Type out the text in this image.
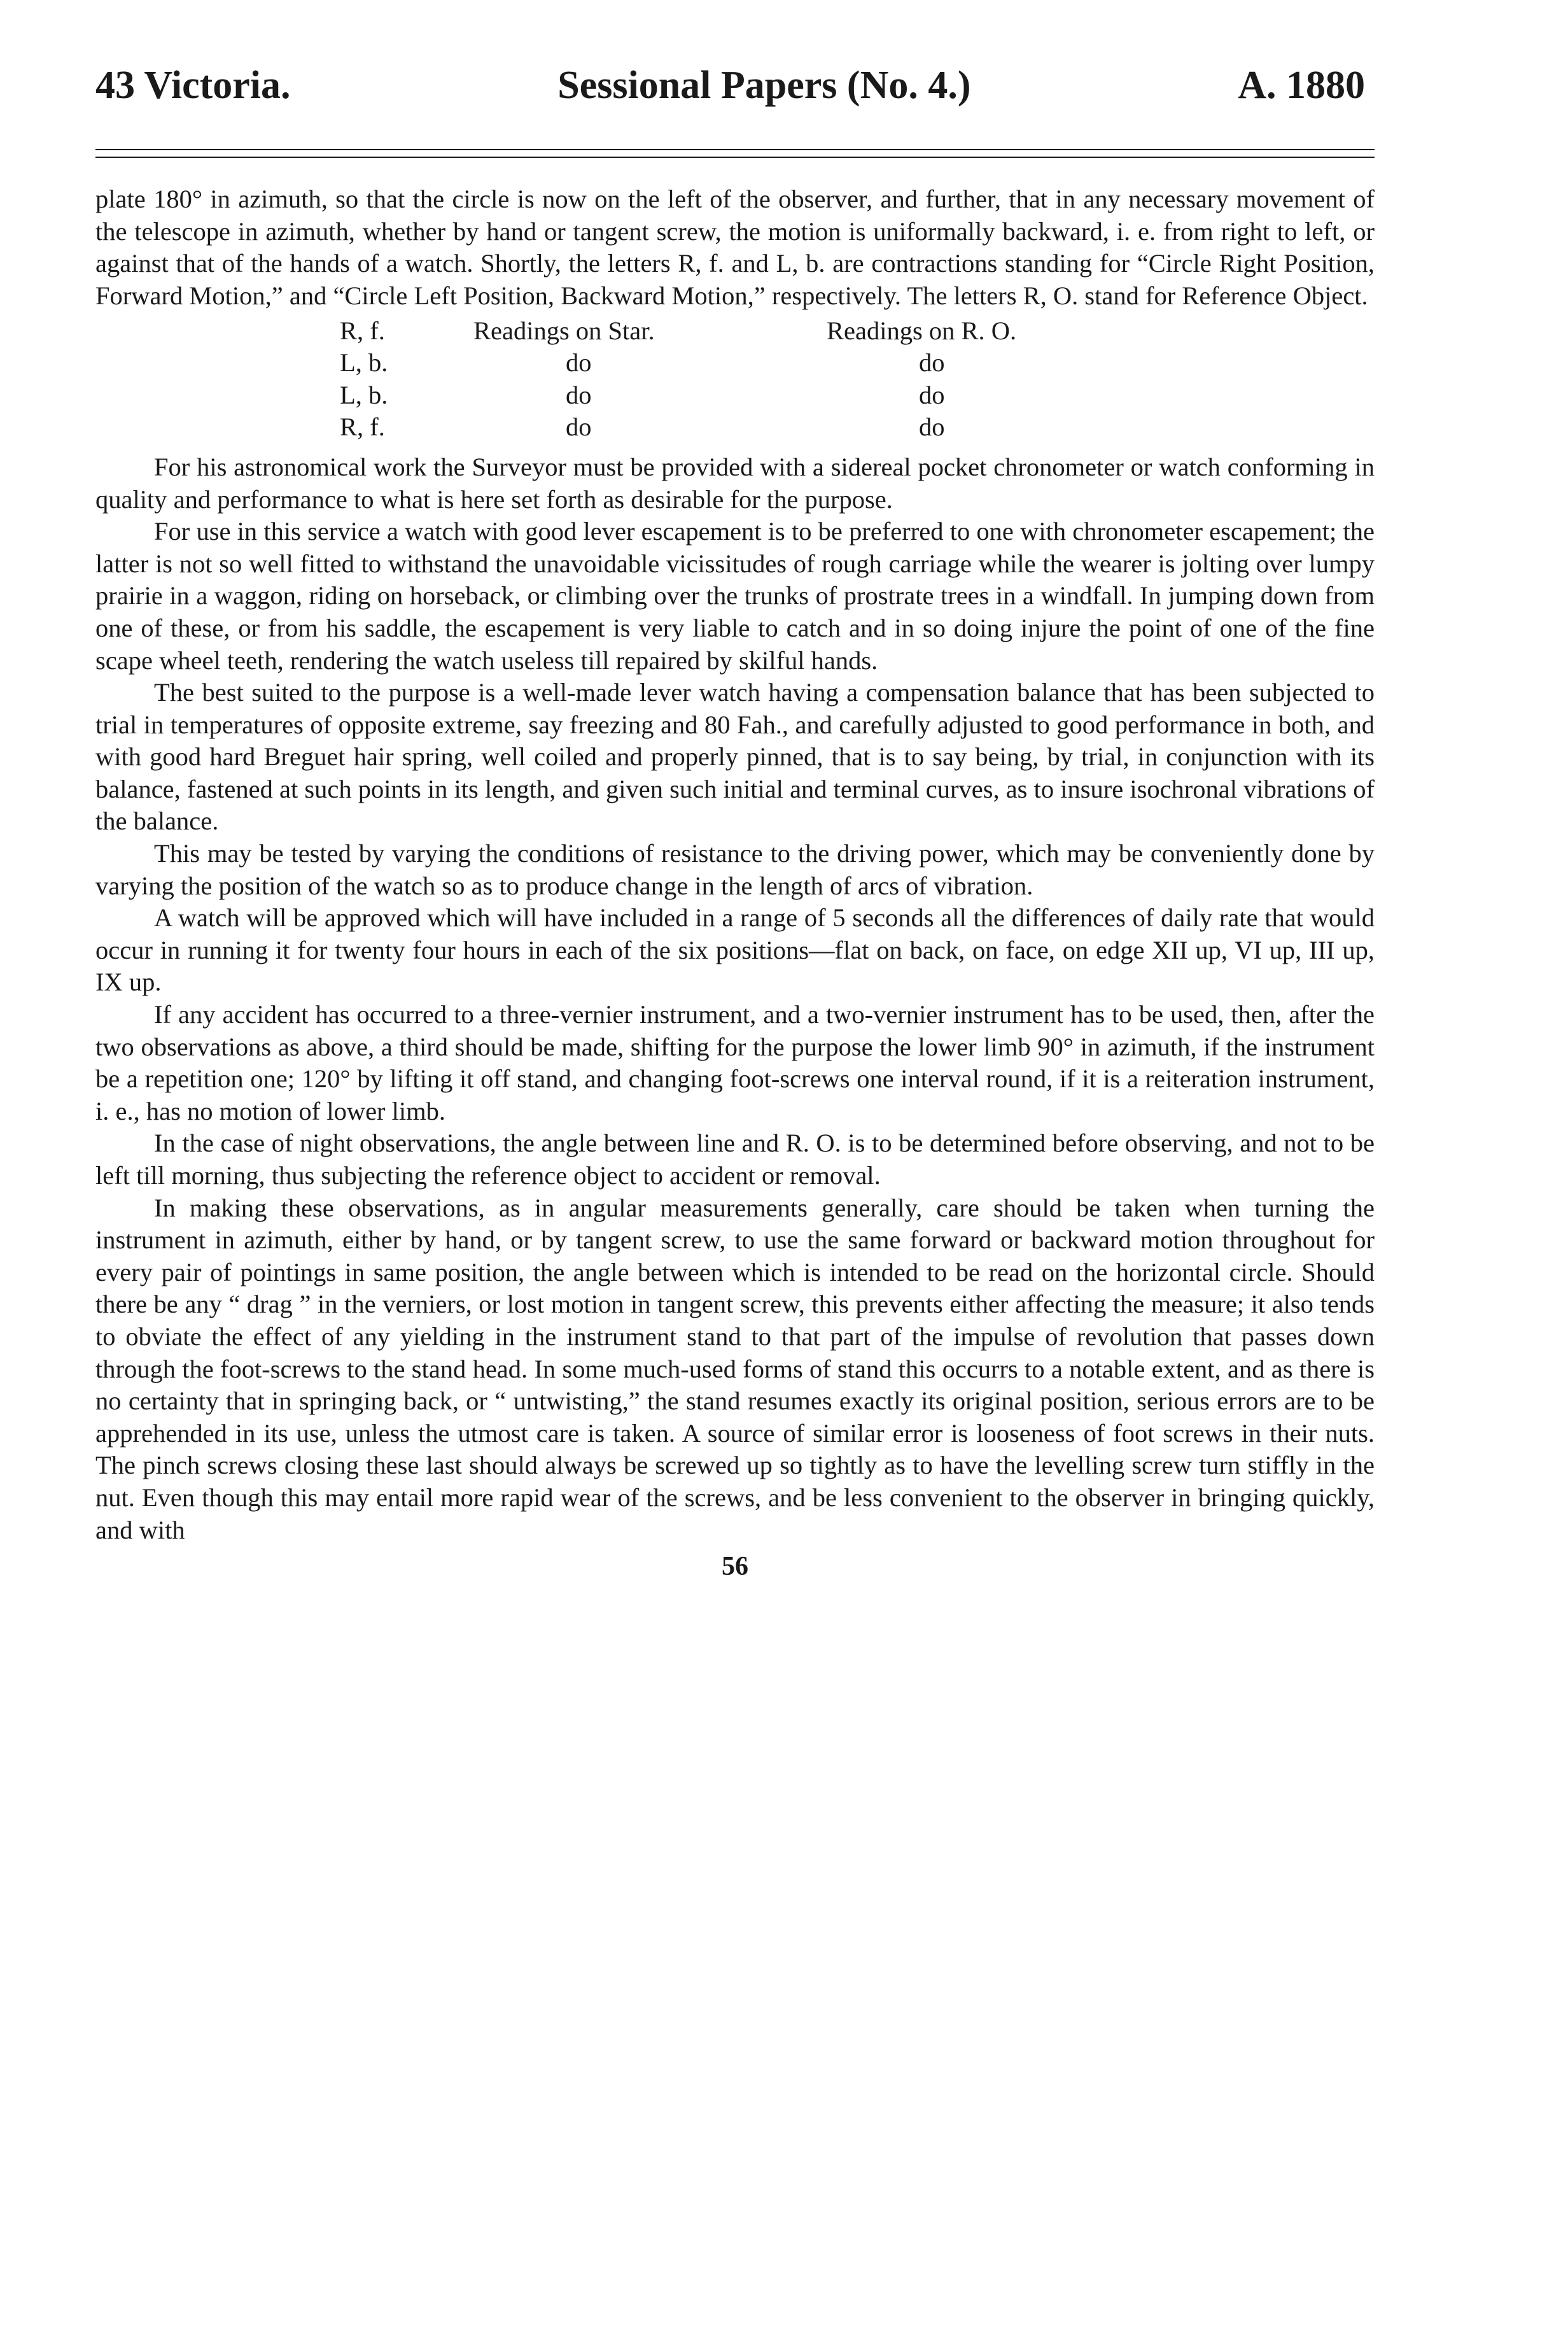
43 Victoria.	Sessional Papers (No. 4.)	A. 1880

plate 180° in azimuth, so that the circle is now on the left of the observer, and further, that in any necessary movement of the telescope in azimuth, whether by hand or tangent screw, the motion is uniformally backward, i. e. from right to left, or against that of the hands of a watch. Shortly, the letters R, f. and L, b. are contractions standing for “Circle Right Position, Forward Motion,” and “Circle Left Position, Backward Motion,” respectively. The letters R, O. stand for Reference Object.

R, f.	Readings on Star.	Readings on R. O.
L, b.	do	do
L, b.	do	do
R, f.	do	do

For his astronomical work the Surveyor must be provided with a sidereal pocket chronometer or watch conforming in quality and performance to what is here set forth as desirable for the purpose.

For use in this service a watch with good lever escapement is to be preferred to one with chronometer escapement; the latter is not so well fitted to withstand the unavoidable vicissitudes of rough carriage while the wearer is jolting over lumpy prairie in a waggon, riding on horseback, or climbing over the trunks of prostrate trees in a windfall. In jumping down from one of these, or from his saddle, the escapement is very liable to catch and in so doing injure the point of one of the fine scape wheel teeth, rendering the watch useless till repaired by skilful hands.

The best suited to the purpose is a well-made lever watch having a compensation balance that has been subjected to trial in temperatures of opposite extreme, say freezing and 80 Fah., and carefully adjusted to good performance in both, and with good hard Breguet hair spring, well coiled and properly pinned, that is to say being, by trial, in conjunction with its balance, fastened at such points in its length, and given such initial and terminal curves, as to insure isochronal vibrations of the balance.

This may be tested by varying the conditions of resistance to the driving power, which may be conveniently done by varying the position of the watch so as to produce change in the length of arcs of vibration.

A watch will be approved which will have included in a range of 5 seconds all the differences of daily rate that would occur in running it for twenty four hours in each of the six positions—flat on back, on face, on edge XII up, VI up, III up, IX up.

If any accident has occurred to a three-vernier instrument, and a two-vernier instrument has to be used, then, after the two observations as above, a third should be made, shifting for the purpose the lower limb 90° in azimuth, if the instrument be a repetition one; 120° by lifting it off stand, and changing foot-screws one interval round, if it is a reiteration instrument, i. e., has no motion of lower limb.

In the case of night observations, the angle between line and R. O. is to be determined before observing, and not to be left till morning, thus subjecting the reference object to accident or removal.

In making these observations, as in angular measurements generally, care should be taken when turning the instrument in azimuth, either by hand, or by tangent screw, to use the same forward or backward motion throughout for every pair of pointings in same position, the angle between which is intended to be read on the horizontal circle. Should there be any “ drag ” in the verniers, or lost motion in tangent screw, this prevents either affecting the measure; it also tends to obviate the effect of any yielding in the instrument stand to that part of the impulse of revolution that passes down through the foot-screws to the stand head. In some much-used forms of stand this occurrs to a notable extent, and as there is no certainty that in springing back, or “ untwisting,” the stand resumes exactly its original position, serious errors are to be apprehended in its use, unless the utmost care is taken. A source of similar error is looseness of foot screws in their nuts. The pinch screws closing these last should always be screwed up so tightly as to have the levelling screw turn stiffly in the nut. Even though this may entail more rapid wear of the screws, and be less convenient to the observer in bringing quickly, and with

56
